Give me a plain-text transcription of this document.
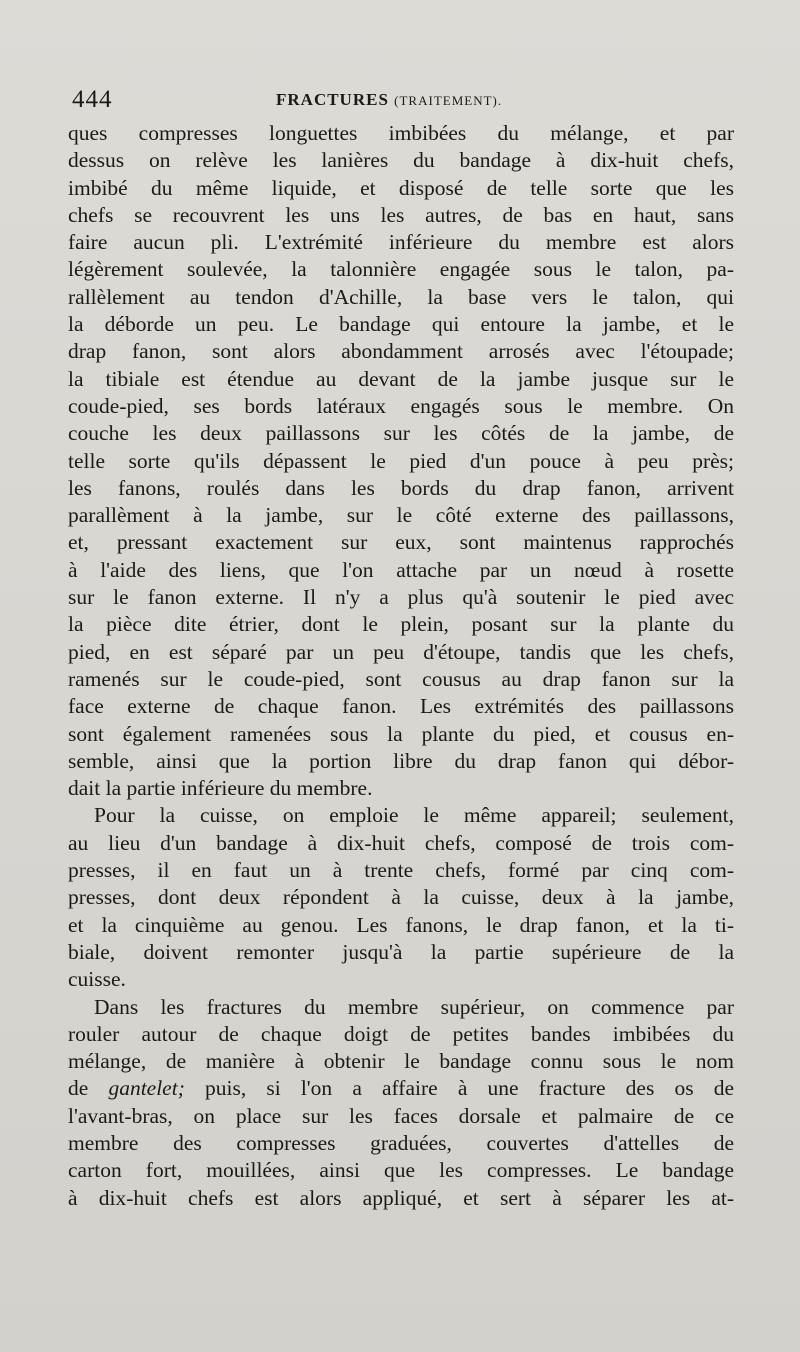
444	FRACTURES (TRAITEMENT).
ques compresses longuettes imbibées du mélange, et par
dessus on relève les lanières du bandage à dix-huit chefs,
imbibé du même liquide, et disposé de telle sorte que les
chefs se recouvrent les uns les autres, de bas en haut, sans
faire aucun pli. L'extrémité inférieure du membre est alors
légèrement soulevée, la talonnière engagée sous le talon, pa-
rallèlement au tendon d'Achille, la base vers le talon, qui
la déborde un peu. Le bandage qui entoure la jambe, et le
drap fanon, sont alors abondamment arrosés avec l'étoupade;
la tibiale est étendue au devant de la jambe jusque sur le
coude-pied, ses bords latéraux engagés sous le membre. On
couche les deux paillassons sur les côtés de la jambe, de
telle sorte qu'ils dépassent le pied d'un pouce à peu près;
les fanons, roulés dans les bords du drap fanon, arrivent
parallèment à la jambe, sur le côté externe des paillassons,
et, pressant exactement sur eux, sont maintenus rapprochés
à l'aide des liens, que l'on attache par un nœud à rosette
sur le fanon externe. Il n'y a plus qu'à soutenir le pied avec
la pièce dite étrier, dont le plein, posant sur la plante du
pied, en est séparé par un peu d'étoupe, tandis que les chefs,
ramenés sur le coude-pied, sont cousus au drap fanon sur la
face externe de chaque fanon. Les extrémités des paillassons
sont également ramenées sous la plante du pied, et cousus en-
semble, ainsi que la portion libre du drap fanon qui débor-
dait la partie inférieure du membre.
Pour la cuisse, on emploie le même appareil; seulement,
au lieu d'un bandage à dix-huit chefs, composé de trois com-
presses, il en faut un à trente chefs, formé par cinq com-
presses, dont deux répondent à la cuisse, deux à la jambe,
et la cinquième au genou. Les fanons, le drap fanon, et la ti-
biale, doivent remonter jusqu'à la partie supérieure de la
cuisse.
Dans les fractures du membre supérieur, on commence par
rouler autour de chaque doigt de petites bandes imbibées du
mélange, de manière à obtenir le bandage connu sous le nom
de gantelet; puis, si l'on a affaire à une fracture des os de
l'avant-bras, on place sur les faces dorsale et palmaire de ce
membre des compresses graduées, couvertes d'attelles de
carton fort, mouillées, ainsi que les compresses. Le bandage
à dix-huit chefs est alors appliqué, et sert à séparer les at-
